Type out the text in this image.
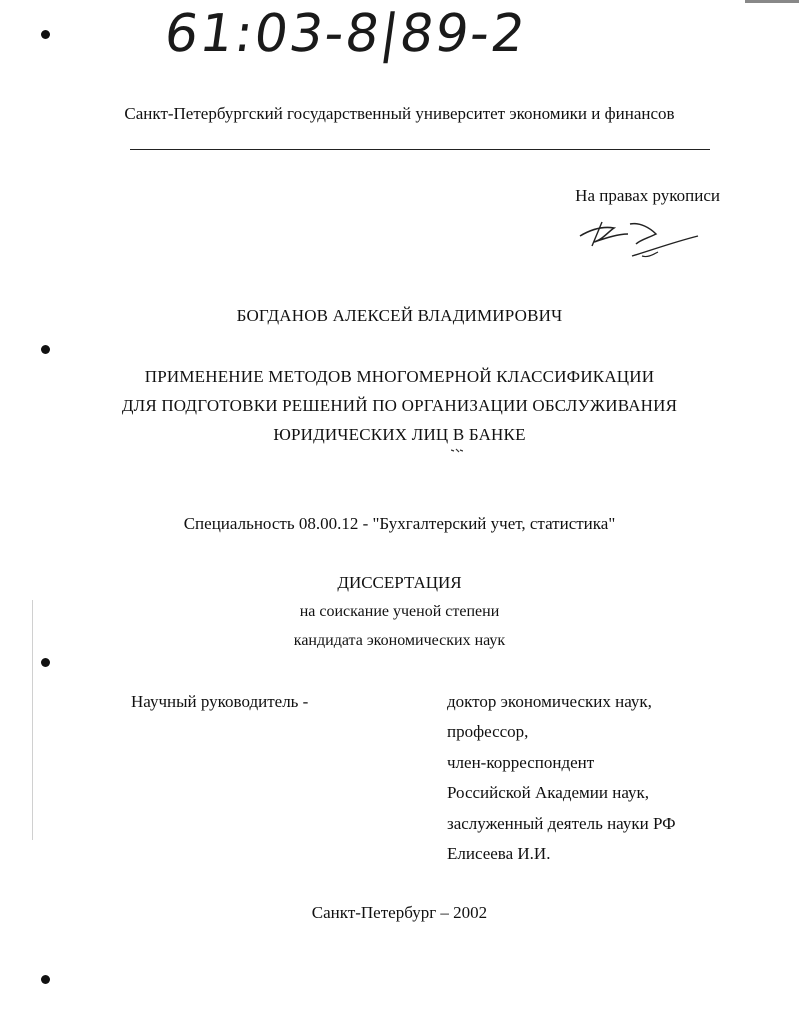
61:03-8|89-2
Санкт-Петербургский государственный университет экономики и финансов
На правах рукописи
БОГДАНОВ АЛЕКСЕЙ ВЛАДИМИРОВИЧ
ПРИМЕНЕНИЕ МЕТОДОВ МНОГОМЕРНОЙ КЛАССИФИКАЦИИ
ДЛЯ ПОДГОТОВКИ РЕШЕНИЙ ПО ОРГАНИЗАЦИИ ОБСЛУЖИВАНИЯ
ЮРИДИЧЕСКИХ ЛИЦ В БАНКЕ
Специальность 08.00.12 - "Бухгалтерский учет, статистика"
ДИССЕРТАЦИЯ
на соискание ученой степени
кандидата экономических наук
Научный руководитель -	доктор экономических наук,
профессор,
член-корреспондент
Российской Академии наук,
заслуженный деятель науки РФ
Елисеева И.И.
Санкт-Петербург – 2002
